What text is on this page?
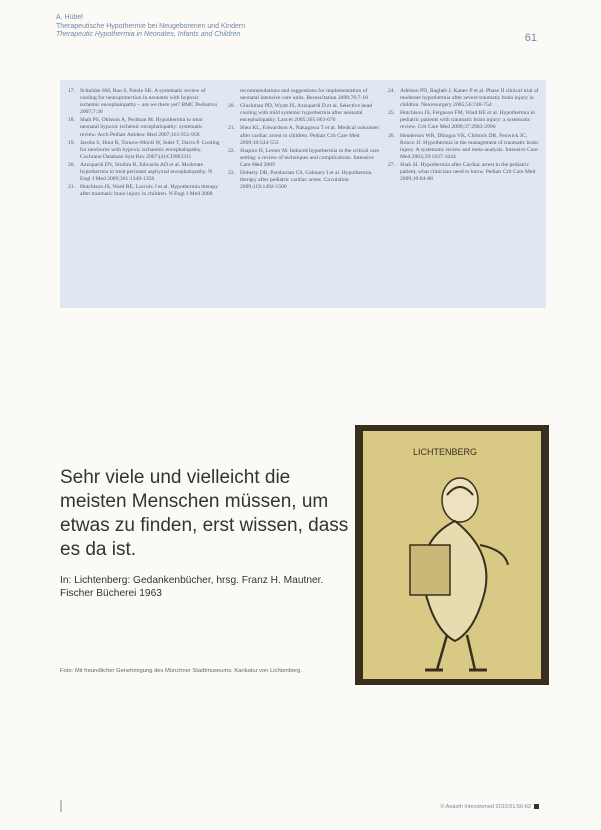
A. Hübel
Therapeutische Hypothermie bei Neugeborenen und Kindern
Therapeutic Hypothermia in Neonates, Infants and Children	61
17. Schulzke SM, Rao S, Patole SK. A systematic review of cooling for neuroprotection in neonates with hypoxic ischemic encephalopathy – are we there yet? BMC Pediatrics 2007;7:30
18. Shah PS, Ohlsson A, Perlman M. Hypothermia to treat neonatal hypoxic ischemic encephalopathy: systematic review. Arch Pediatr Adolesc Med 2007;161:951-958
19. Jacobs S, Hunt R, Tarnow-Mordi W, Inder T, Davis P. Cooling for newborns with hypoxic ischaemic encephalopathy. Cochrane Database Syst Rev 2007;(4):CD003311
20. Azzopardi DV, Strohm B, Edwards AD et al. Moderate hypothermia to treat perinatal asphyxial encephalopathy. N Engl J Med 2009;361:1349-1358
21. Hutchison JS, Ward RE, Lacroix J et al. Hypothermia therapy after traumatic brain injury in children. N Engl J Med 2008
recommendations and suggestions for implementation of neonatal intensive care units. Resuscitation 2008;76:7-10
20. Gluckman PD, Wyatt JS, Azzopardi D et al. Selective head cooling with mild systemic hypothermia after neonatal encephalopathy. Lancet 2005;365:663-670
21. Shea KL, Edwardson A, Nakagawa T et al. Medical outcomes after cardiac arrest in children. Pediatr Crit Care Med 2009;10:544-553
22. Shapiro H, Lerner M. Induced hypothermia in the critical care setting: a review of techniques and complications. Intensive Care Med 2009
23. Doherty DR, Parshuram CS, Gaboury I et al. Hypothermia therapy after pediatric cardiac arrest. Circulation 2009;119:1492-1500
24. Adelson PD, Ragheb J, Kanev P et al. Phase II clinical trial of moderate hypothermia after severe traumatic brain injury in children. Neurosurgery 2005;56:740-754
25. Hutchison JS, Ferguson FM, Ward RE et al. Hypothermia in pediatric patients with traumatic brain injury: a systematic review. Crit Care Med 2009;37:2983-2990
26. Henderson WR, Dhingra VK, Chittock DR, Fenwick JC, Ronco JJ. Hypothermia in the management of traumatic brain injury. A systematic review and meta-analysis. Intensive Care Med 2003;29:1637-1644
27. Shah SI. Hypothermia after Cardiac arrest in the pediatric patient, what clinicians need to know. Pediatr Crit Care Med 2009;10:84-88
Sehr viele und vielleicht die meisten Menschen müssen, um etwas zu finden, erst wissen, dass es da ist.
In: Lichtenberg: Gedankenbücher, hrsg. Franz H. Mautner. Fischer Bücherei 1963
LICHTENBERG
Foto: Mit freundlicher Genehmigung des Münchner Stadtmuseums. Karikatur von Lichtenberg.
© Anästh Intensivmed 2010;51:56-62
